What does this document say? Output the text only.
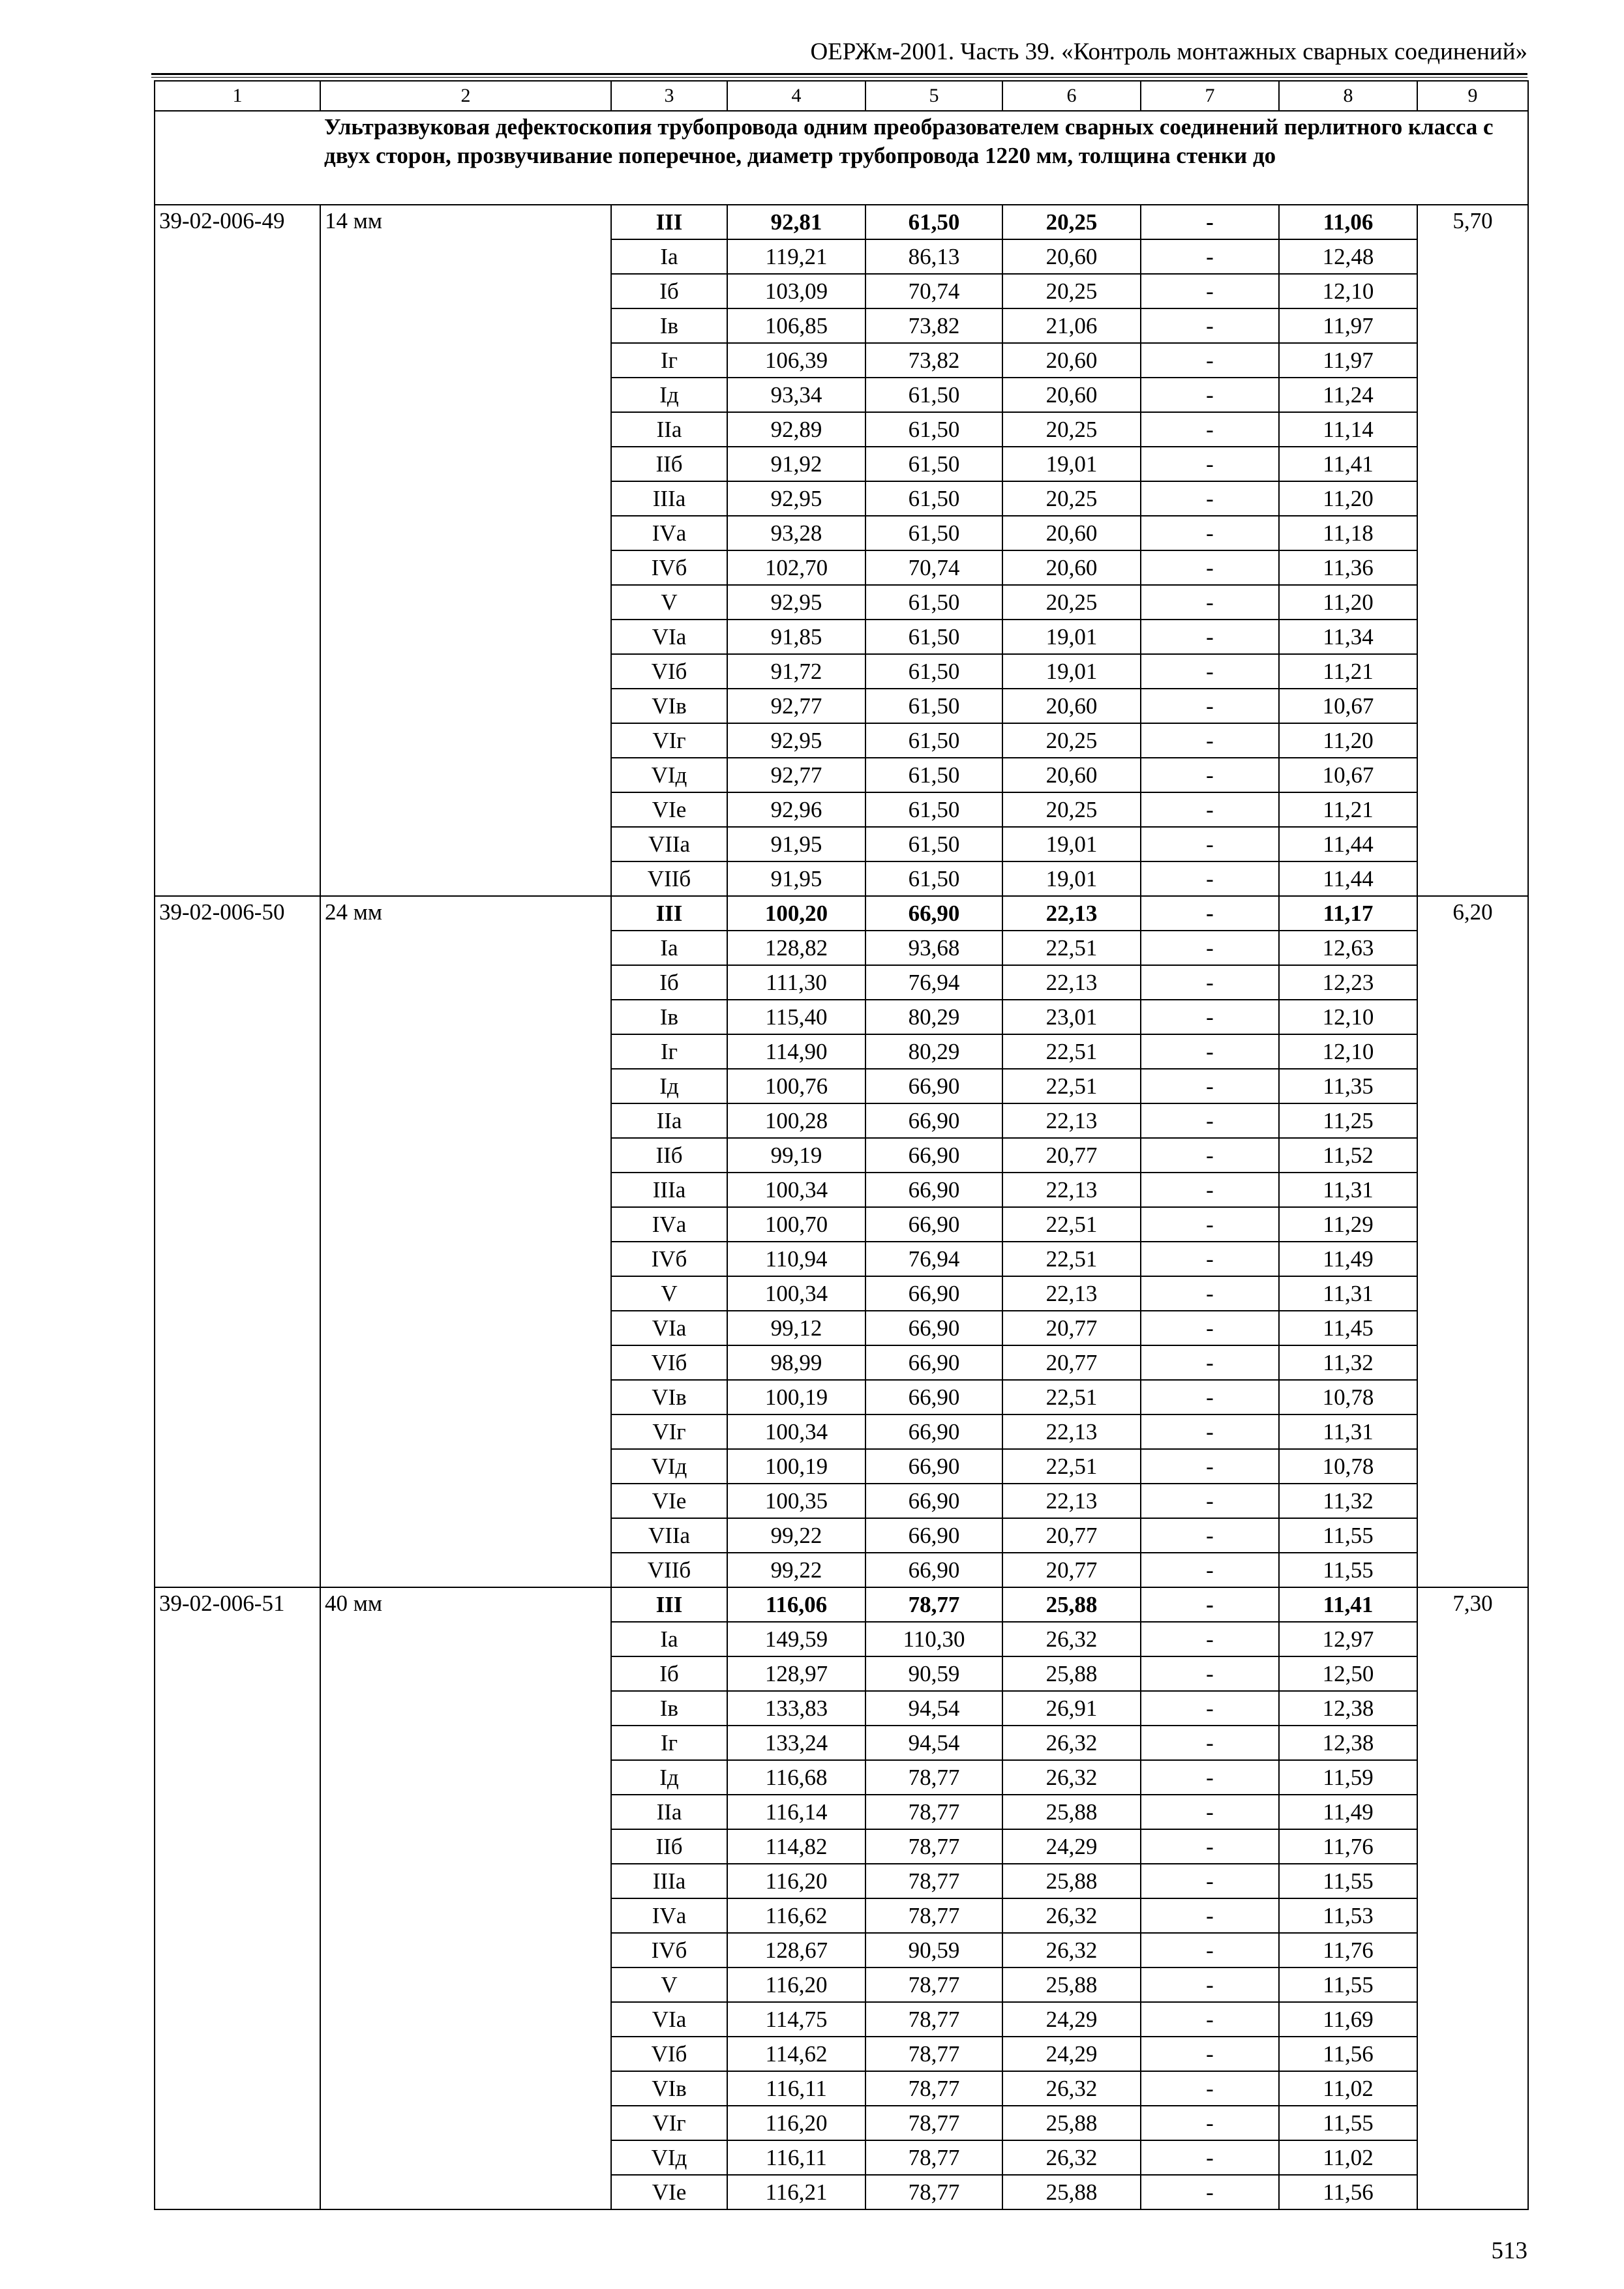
ОЕРЖм-2001. Часть 39. «Контроль монтажных сварных соединений»
1	2	3	4	5	6	7	8	9
	Ультразвуковая дефектоскопия трубопровода одним преобразователем сварных соединений перлитного класса с двух сторон, прозвучивание поперечное, диаметр трубопровода 1220 мм, толщина стенки до							
39-02-006-49	14 мм	III	92,81	61,50	20,25	-	11,06	5,70
		Iа	119,21	86,13	20,60	-	12,48	
		Iб	103,09	70,74	20,25	-	12,10	
		Iв	106,85	73,82	21,06	-	11,97	
		Iг	106,39	73,82	20,60	-	11,97	
		Iд	93,34	61,50	20,60	-	11,24	
		IIа	92,89	61,50	20,25	-	11,14	
		IIб	91,92	61,50	19,01	-	11,41	
		IIIа	92,95	61,50	20,25	-	11,20	
		IVа	93,28	61,50	20,60	-	11,18	
		IVб	102,70	70,74	20,60	-	11,36	
		V	92,95	61,50	20,25	-	11,20	
		VIа	91,85	61,50	19,01	-	11,34	
		VIб	91,72	61,50	19,01	-	11,21	
		VIв	92,77	61,50	20,60	-	10,67	
		VIг	92,95	61,50	20,25	-	11,20	
		VIд	92,77	61,50	20,60	-	10,67	
		VIе	92,96	61,50	20,25	-	11,21	
		VIIа	91,95	61,50	19,01	-	11,44	
		VIIб	91,95	61,50	19,01	-	11,44	
39-02-006-50	24 мм	III	100,20	66,90	22,13	-	11,17	6,20
		Iа	128,82	93,68	22,51	-	12,63	
		Iб	111,30	76,94	22,13	-	12,23	
		Iв	115,40	80,29	23,01	-	12,10	
		Iг	114,90	80,29	22,51	-	12,10	
		Iд	100,76	66,90	22,51	-	11,35	
		IIа	100,28	66,90	22,13	-	11,25	
		IIб	99,19	66,90	20,77	-	11,52	
		IIIа	100,34	66,90	22,13	-	11,31	
		IVа	100,70	66,90	22,51	-	11,29	
		IVб	110,94	76,94	22,51	-	11,49	
		V	100,34	66,90	22,13	-	11,31	
		VIа	99,12	66,90	20,77	-	11,45	
		VIб	98,99	66,90	20,77	-	11,32	
		VIв	100,19	66,90	22,51	-	10,78	
		VIг	100,34	66,90	22,13	-	11,31	
		VIд	100,19	66,90	22,51	-	10,78	
		VIе	100,35	66,90	22,13	-	11,32	
		VIIа	99,22	66,90	20,77	-	11,55	
		VIIб	99,22	66,90	20,77	-	11,55	
39-02-006-51	40 мм	III	116,06	78,77	25,88	-	11,41	7,30
		Iа	149,59	110,30	26,32	-	12,97	
		Iб	128,97	90,59	25,88	-	12,50	
		Iв	133,83	94,54	26,91	-	12,38	
		Iг	133,24	94,54	26,32	-	12,38	
		Iд	116,68	78,77	26,32	-	11,59	
		IIа	116,14	78,77	25,88	-	11,49	
		IIб	114,82	78,77	24,29	-	11,76	
		IIIа	116,20	78,77	25,88	-	11,55	
		IVа	116,62	78,77	26,32	-	11,53	
		IVб	128,67	90,59	26,32	-	11,76	
		V	116,20	78,77	25,88	-	11,55	
		VIа	114,75	78,77	24,29	-	11,69	
		VIб	114,62	78,77	24,29	-	11,56	
		VIв	116,11	78,77	26,32	-	11,02	
		VIг	116,20	78,77	25,88	-	11,55	
		VIд	116,11	78,77	26,32	-	11,02	
		VIе	116,21	78,77	25,88	-	11,56	
513
